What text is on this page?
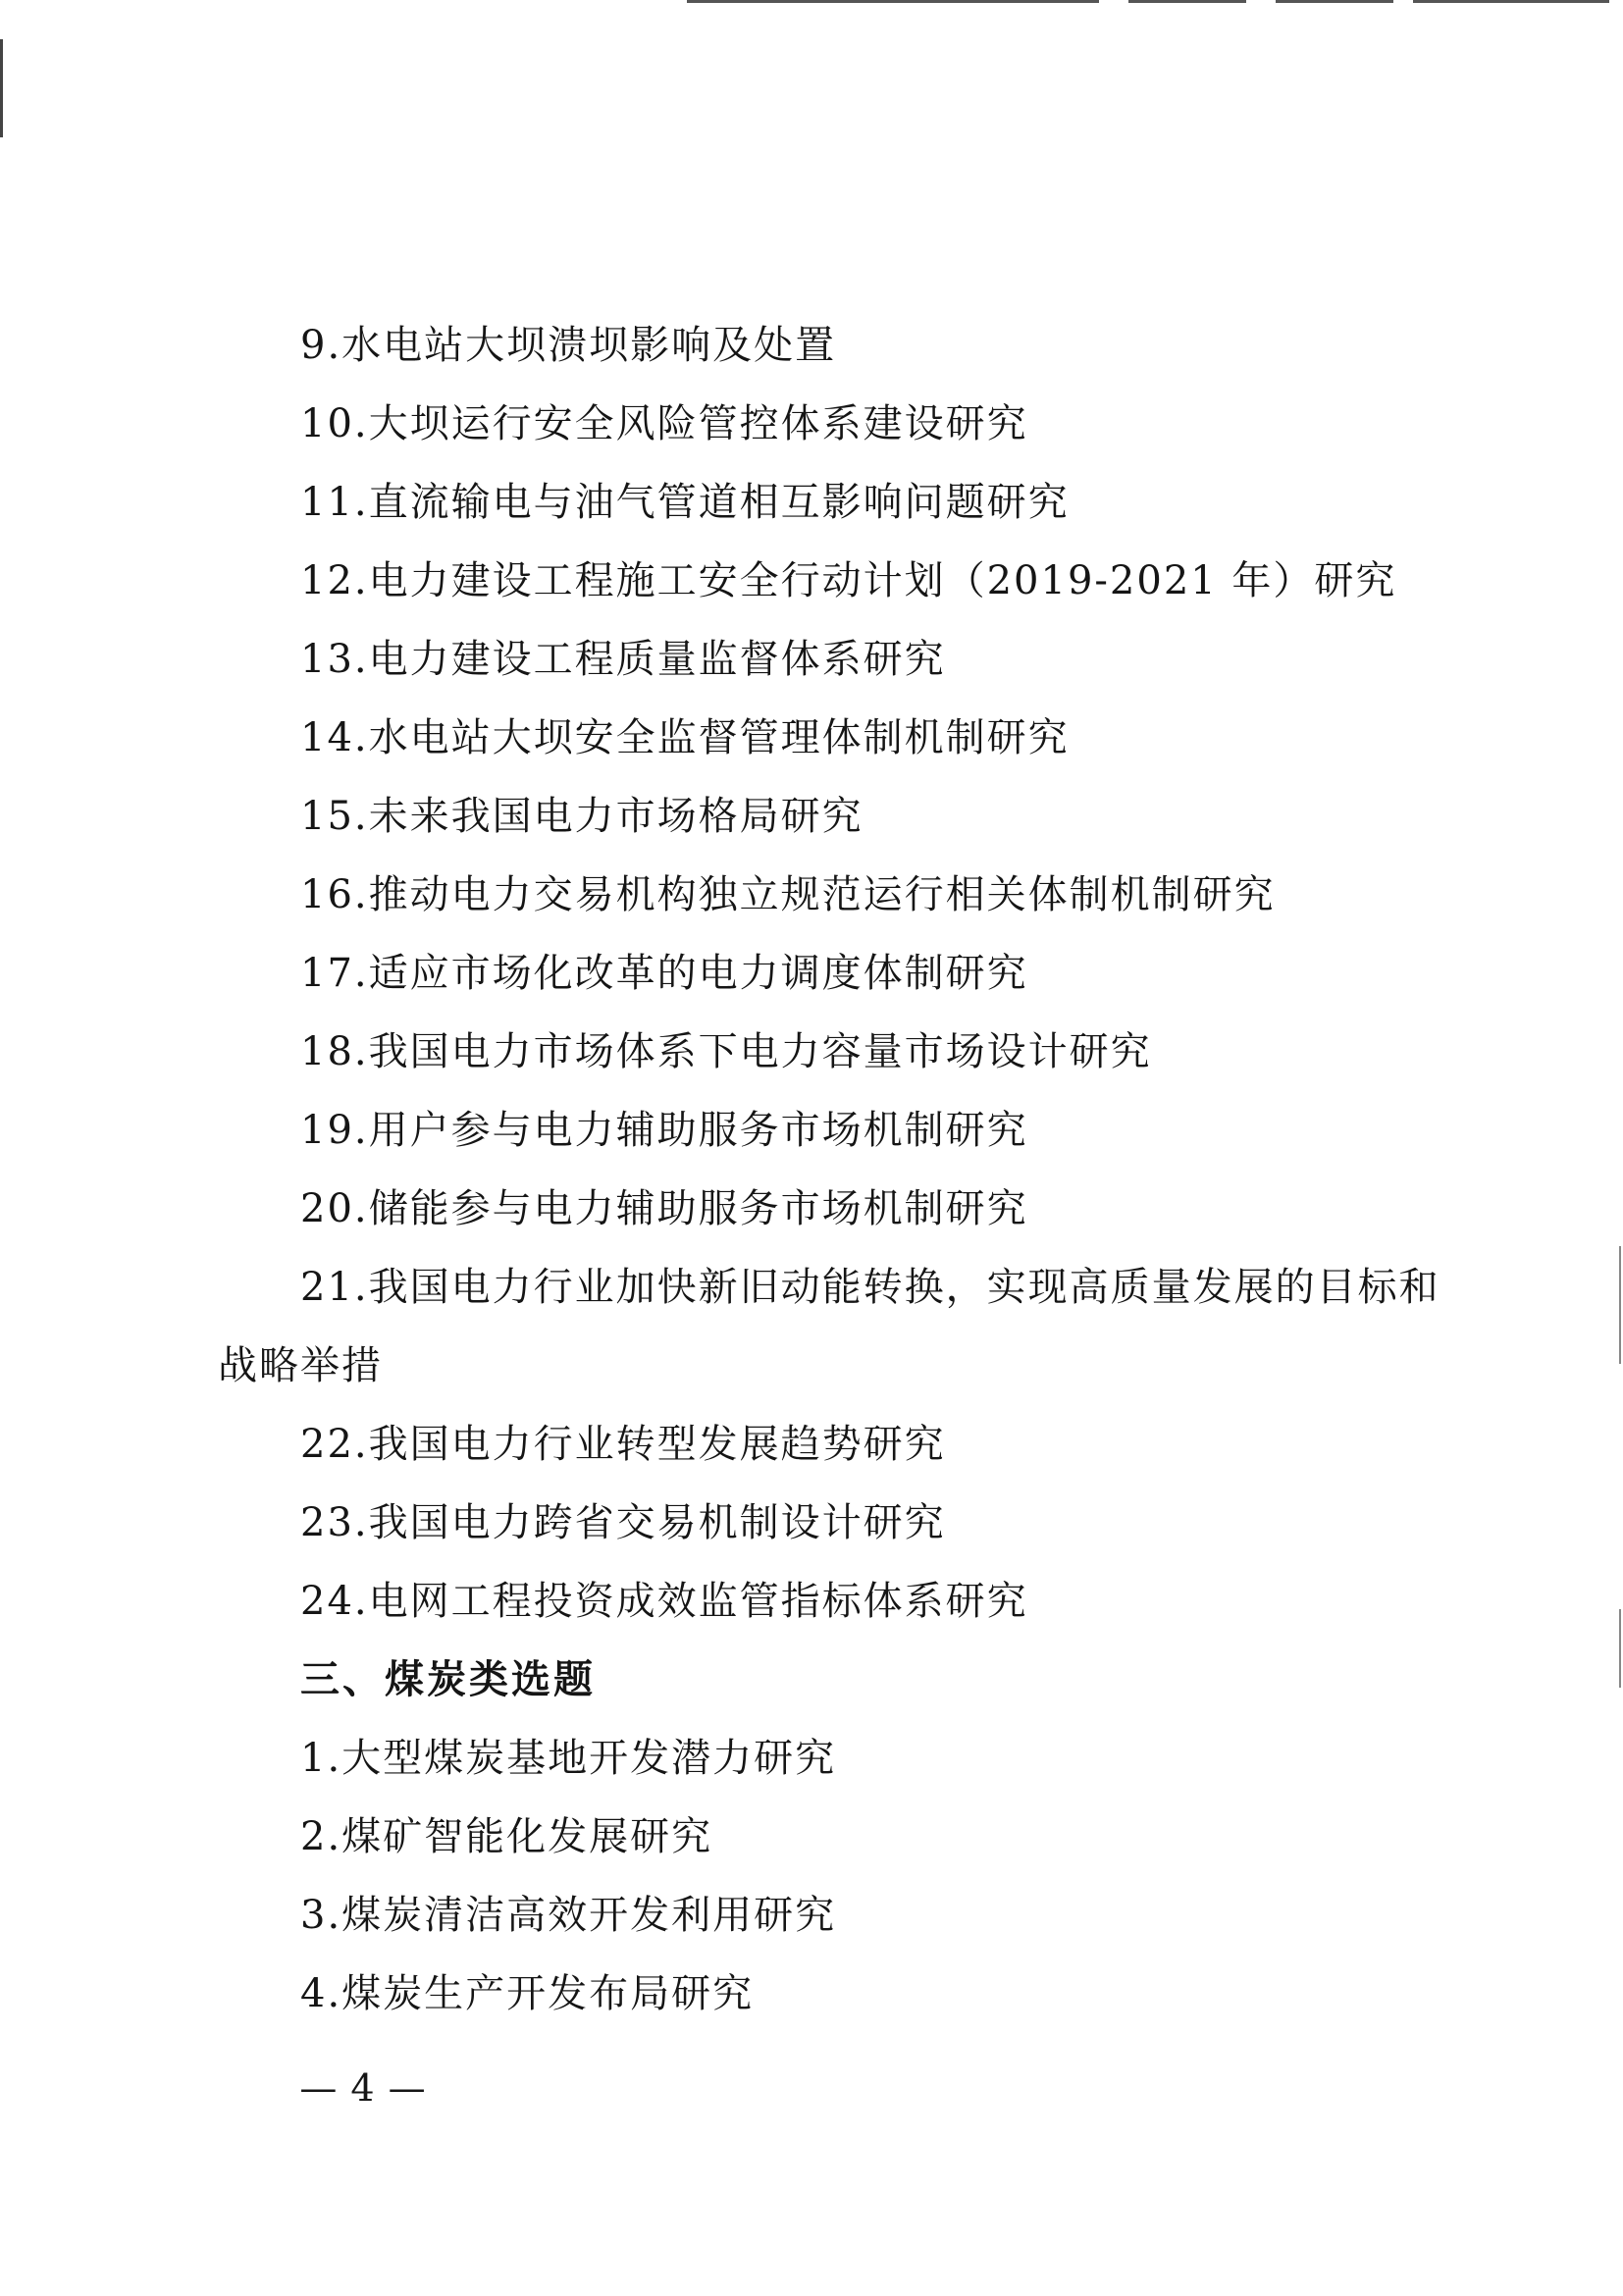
9.水电站大坝溃坝影响及处置
10.大坝运行安全风险管控体系建设研究
11.直流输电与油气管道相互影响问题研究
12.电力建设工程施工安全行动计划（2019-2021 年）研究
13.电力建设工程质量监督体系研究
14.水电站大坝安全监督管理体制机制研究
15.未来我国电力市场格局研究
16.推动电力交易机构独立规范运行相关体制机制研究
17.适应市场化改革的电力调度体制研究
18.我国电力市场体系下电力容量市场设计研究
19.用户参与电力辅助服务市场机制研究
20.储能参与电力辅助服务市场机制研究
21.我国电力行业加快新旧动能转换，实现高质量发展的目标和
战略举措
22.我国电力行业转型发展趋势研究
23.我国电力跨省交易机制设计研究
24.电网工程投资成效监管指标体系研究
三、煤炭类选题
1.大型煤炭基地开发潜力研究
2.煤矿智能化发展研究
3.煤炭清洁高效开发利用研究
4.煤炭生产开发布局研究
— 4 —
